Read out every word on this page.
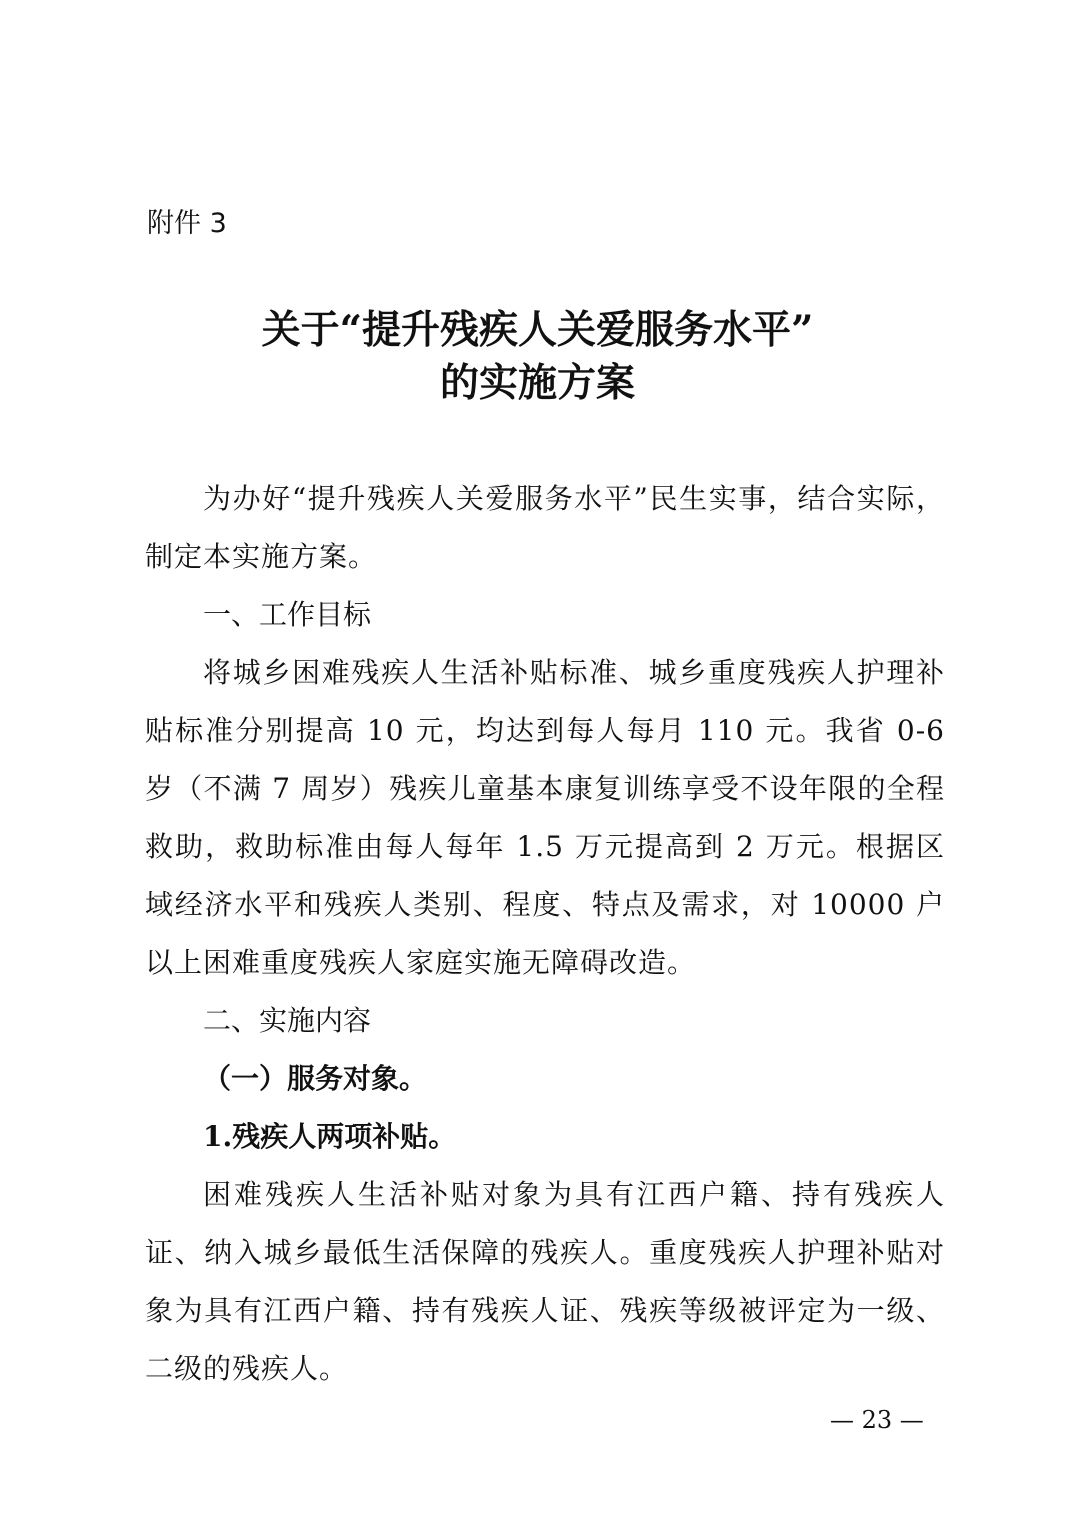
附件 3

关于“提升残疾人关爱服务水平”
的实施方案

为办好“提升残疾人关爱服务水平”民生实事，结合实际，制定本实施方案。

一、工作目标

将城乡困难残疾人生活补贴标准、城乡重度残疾人护理补贴标准分别提高 10 元，均达到每人每月 110 元。我省 0-6 岁（不满 7 周岁）残疾儿童基本康复训练享受不设年限的全程救助，救助标准由每人每年 1.5 万元提高到 2 万元。根据区域经济水平和残疾人类别、程度、特点及需求，对 10000 户以上困难重度残疾人家庭实施无障碍改造。

二、实施内容

（一）服务对象。

1.残疾人两项补贴。

困难残疾人生活补贴对象为具有江西户籍、持有残疾人证、纳入城乡最低生活保障的残疾人。重度残疾人护理补贴对象为具有江西户籍、持有残疾人证、残疾等级被评定为一级、二级的残疾人。

— 23 —
